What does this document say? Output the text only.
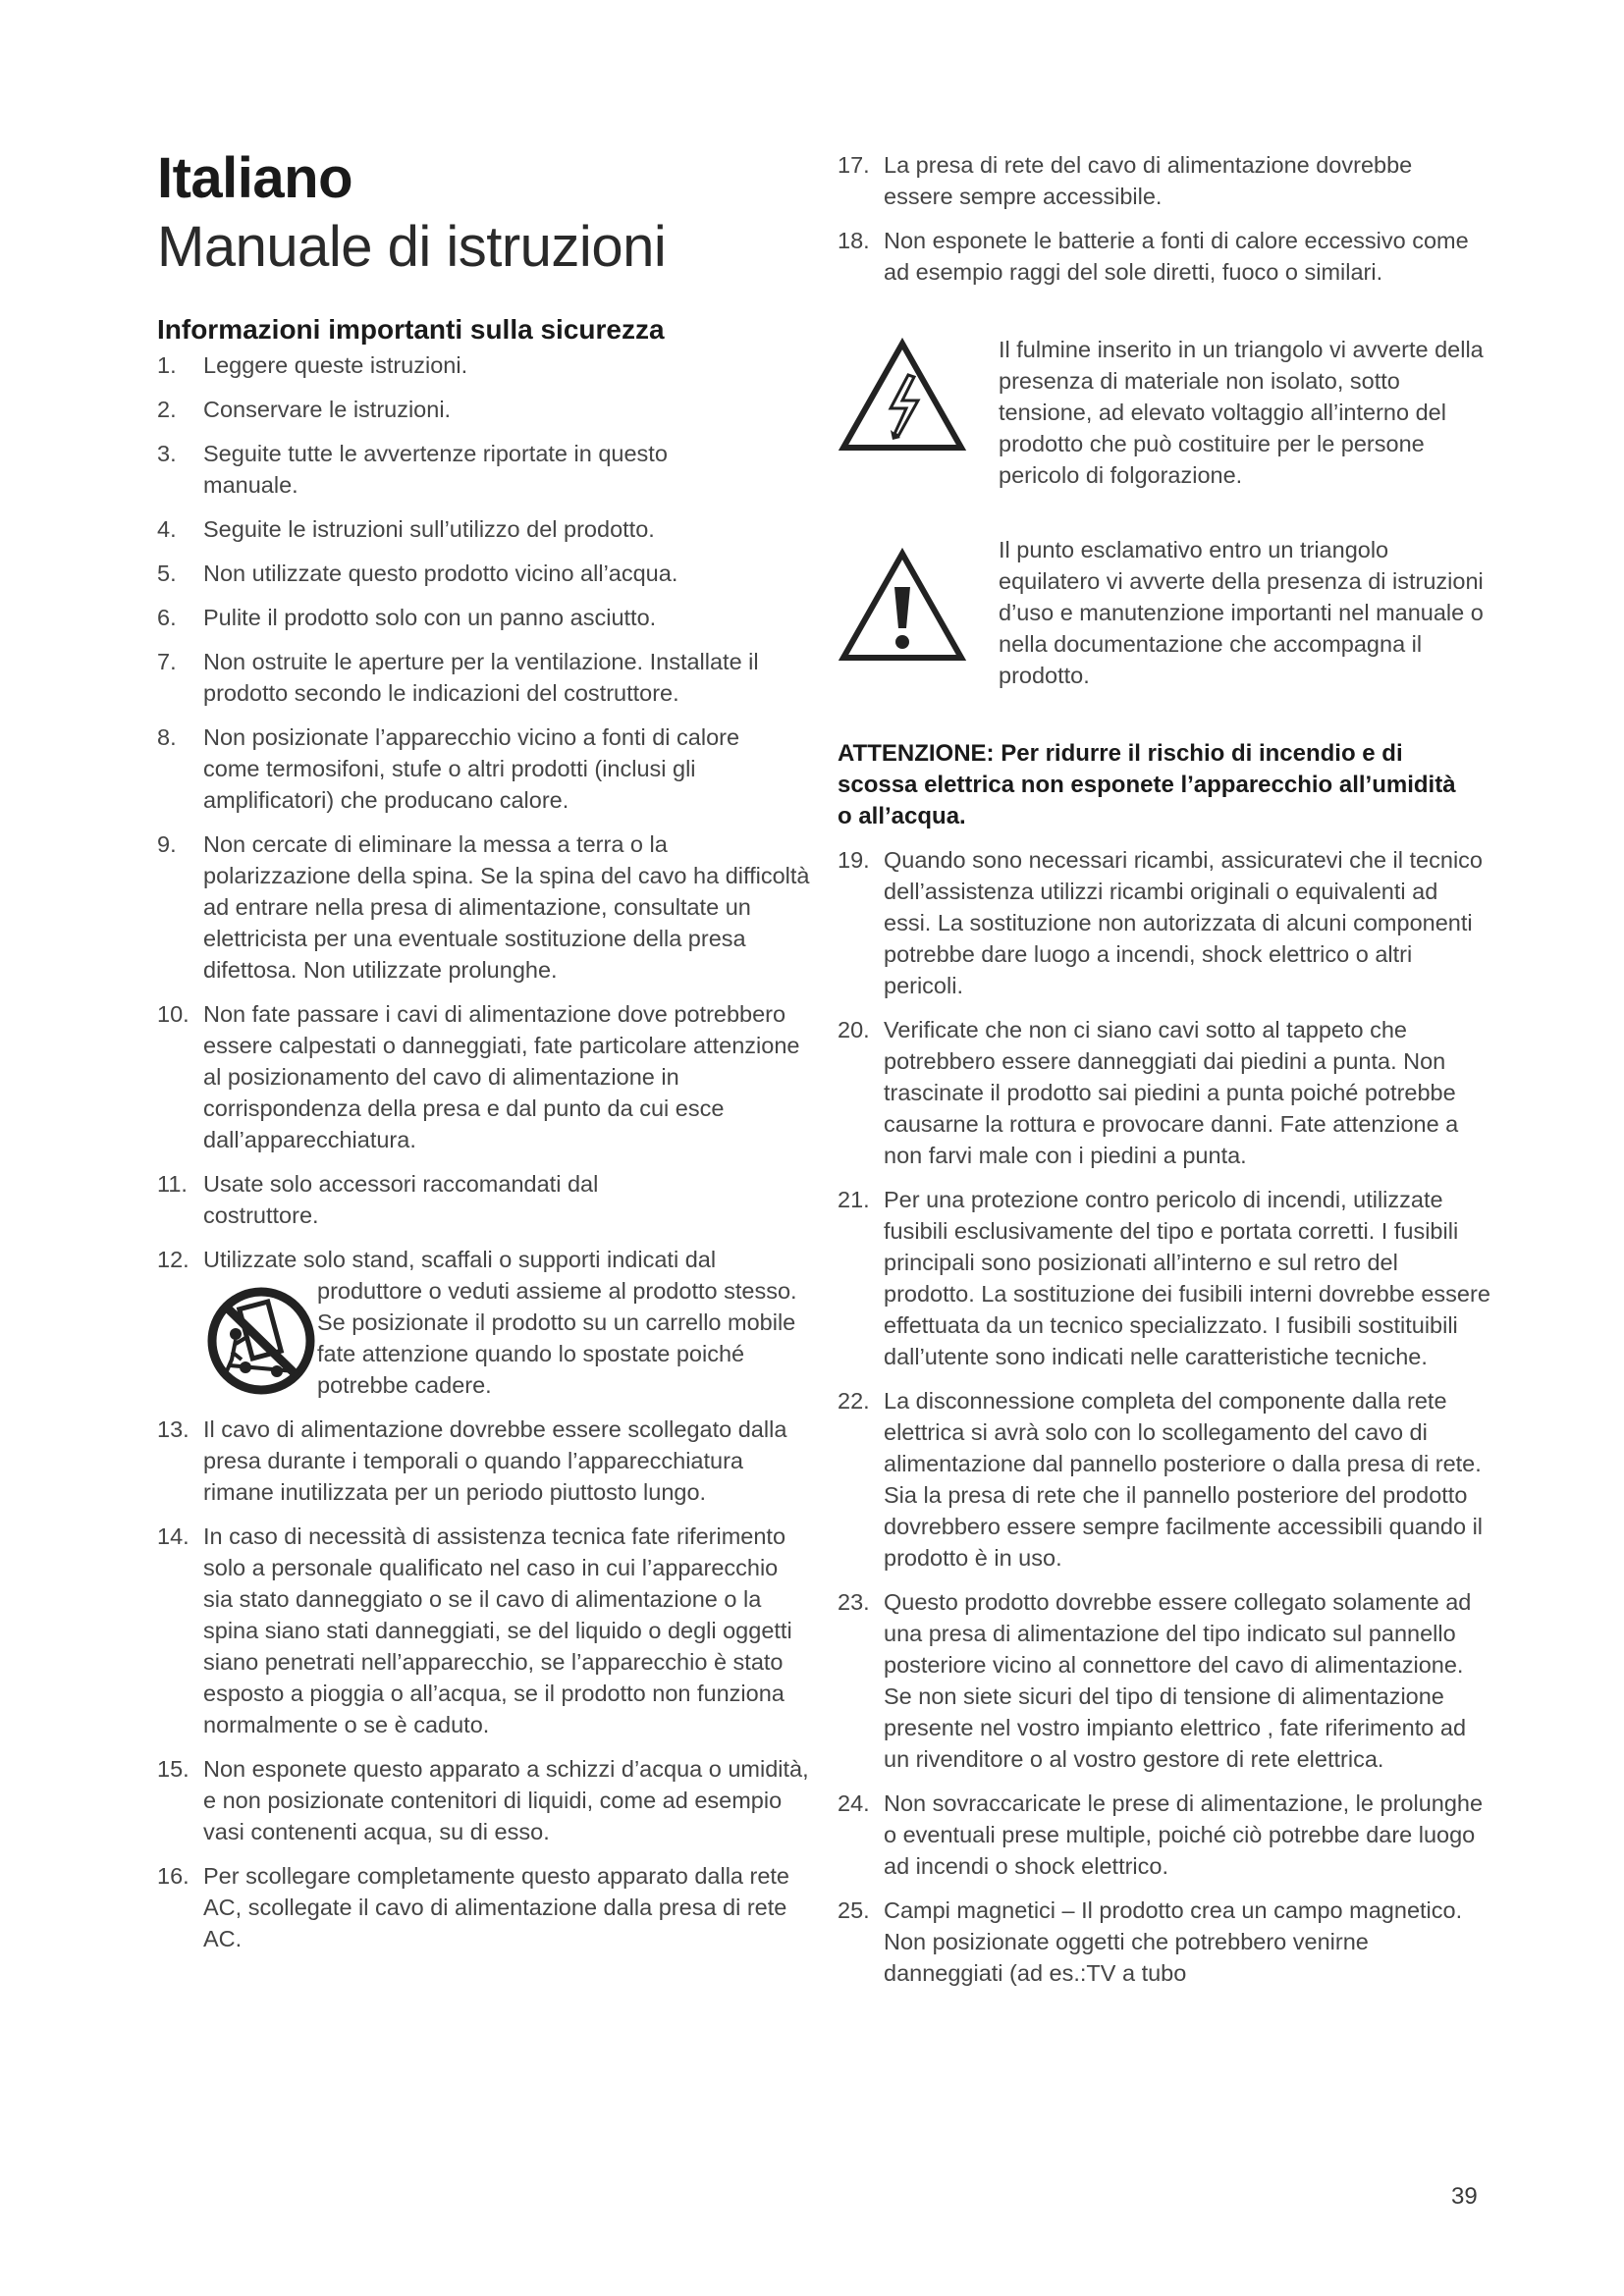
Italiano
Manuale di istruzioni
Informazioni importanti sulla sicurezza
1. Leggere queste istruzioni.
2. Conservare le istruzioni.
3. Seguite tutte le avvertenze riportate in questo manuale.
4. Seguite le istruzioni sull’utilizzo del prodotto.
5. Non utilizzate questo prodotto vicino all’acqua.
6. Pulite il prodotto solo con un panno asciutto.
7. Non ostruite le aperture per la ventilazione. Installate il prodotto secondo le indicazioni del costruttore.
8. Non posizionate l’apparecchio vicino a fonti di calore come termosifoni, stufe o altri prodotti (inclusi gli amplificatori) che producano calore.
9. Non cercate di eliminare la messa a terra o la polarizzazione della spina. Se la spina del cavo ha difficoltà ad entrare nella presa di alimentazione, consultate un elettricista per una eventuale sostituzione della presa difettosa. Non utilizzate prolunghe.
10. Non fate passare i cavi di alimentazione dove potrebbero essere calpestati o danneggiati, fate particolare attenzione al posizionamento del cavo di alimentazione in corrispondenza della presa e dal punto da cui esce dall’apparecchiatura.
11. Usate solo accessori raccomandati dal costruttore.
12. Utilizzate solo stand, scaffali o supporti indicati dal
produttore o veduti assieme al prodotto stesso. Se posizionate il prodotto su un carrello mobile fate attenzione quando lo spostate poiché potrebbe cadere.
13. Il cavo di alimentazione dovrebbe essere scollegato dalla presa durante i temporali o quando l’apparecchiatura rimane inutilizzata per un periodo piuttosto lungo.
14. In caso di necessità di assistenza tecnica fate riferimento solo a personale qualificato nel caso in cui l’apparecchio sia stato danneggiato o se il cavo di alimentazione o la spina siano stati danneggiati, se del liquido o degli oggetti siano penetrati nell’apparecchio, se l’apparecchio è stato esposto a pioggia o all’acqua, se il prodotto non funziona normalmente o se è caduto.
15. Non esponete questo apparato a schizzi d’acqua o umidità, e non posizionate contenitori di liquidi, come ad esempio vasi contenenti acqua, su di esso.
16. Per scollegare completamente questo apparato dalla rete AC, scollegate il cavo di alimentazione dalla presa di rete AC.
17. La presa di rete del cavo di alimentazione dovrebbe essere sempre accessibile.
18. Non esponete le batterie a fonti di calore eccessivo come ad esempio raggi del sole diretti, fuoco o similari.
Il fulmine inserito in un triangolo vi avverte della presenza di materiale non isolato, sotto tensione, ad elevato voltaggio all’interno del prodotto che può costituire per le persone pericolo di folgorazione.
Il punto esclamativo entro un triangolo equilatero vi avverte della presenza di istruzioni d’uso e manutenzione importanti nel manuale o nella documentazione che accompagna il prodotto.
ATTENZIONE: Per ridurre il rischio di incendio e di scossa elettrica non esponete l’apparecchio all’umidità o all’acqua.
19. Quando sono necessari ricambi, assicuratevi che il tecnico dell’assistenza utilizzi ricambi originali o equivalenti ad essi. La sostituzione non autorizzata di alcuni componenti potrebbe dare luogo a incendi, shock elettrico o altri pericoli.
20. Verificate che non ci siano cavi sotto al tappeto che potrebbero essere danneggiati dai piedini a punta. Non trascinate il prodotto sai piedini a punta poiché potrebbe causarne la rottura e provocare danni. Fate attenzione a non farvi male con i piedini a punta.
21. Per una protezione contro pericolo di incendi, utilizzate fusibili esclusivamente del tipo e portata corretti. I fusibili principali sono posizionati all’interno e sul retro del prodotto. La sostituzione dei fusibili interni dovrebbe essere effettuata da un tecnico specializzato. I fusibili sostituibili dall’utente sono indicati nelle caratteristiche tecniche.
22. La disconnessione completa del componente dalla rete elettrica si avrà solo con lo scollegamento del cavo di alimentazione dal pannello posteriore o dalla presa di rete. Sia la presa di rete che il pannello posteriore del prodotto dovrebbero essere sempre facilmente accessibili quando il prodotto è in uso.
23. Questo prodotto dovrebbe essere collegato solamente ad una presa di alimentazione del tipo indicato sul pannello posteriore vicino al connettore del cavo di alimentazione. Se non siete sicuri del tipo di tensione di alimentazione presente nel vostro impianto elettrico , fate riferimento ad un rivenditore o al vostro gestore di rete elettrica.
24. Non sovraccaricate le prese di alimentazione, le prolunghe o eventuali prese multiple, poiché ciò potrebbe dare luogo ad incendi o shock elettrico.
25. Campi magnetici – Il prodotto crea un campo magnetico. Non posizionate oggetti che potrebbero venirne danneggiati (ad es.:TV a tubo
39
